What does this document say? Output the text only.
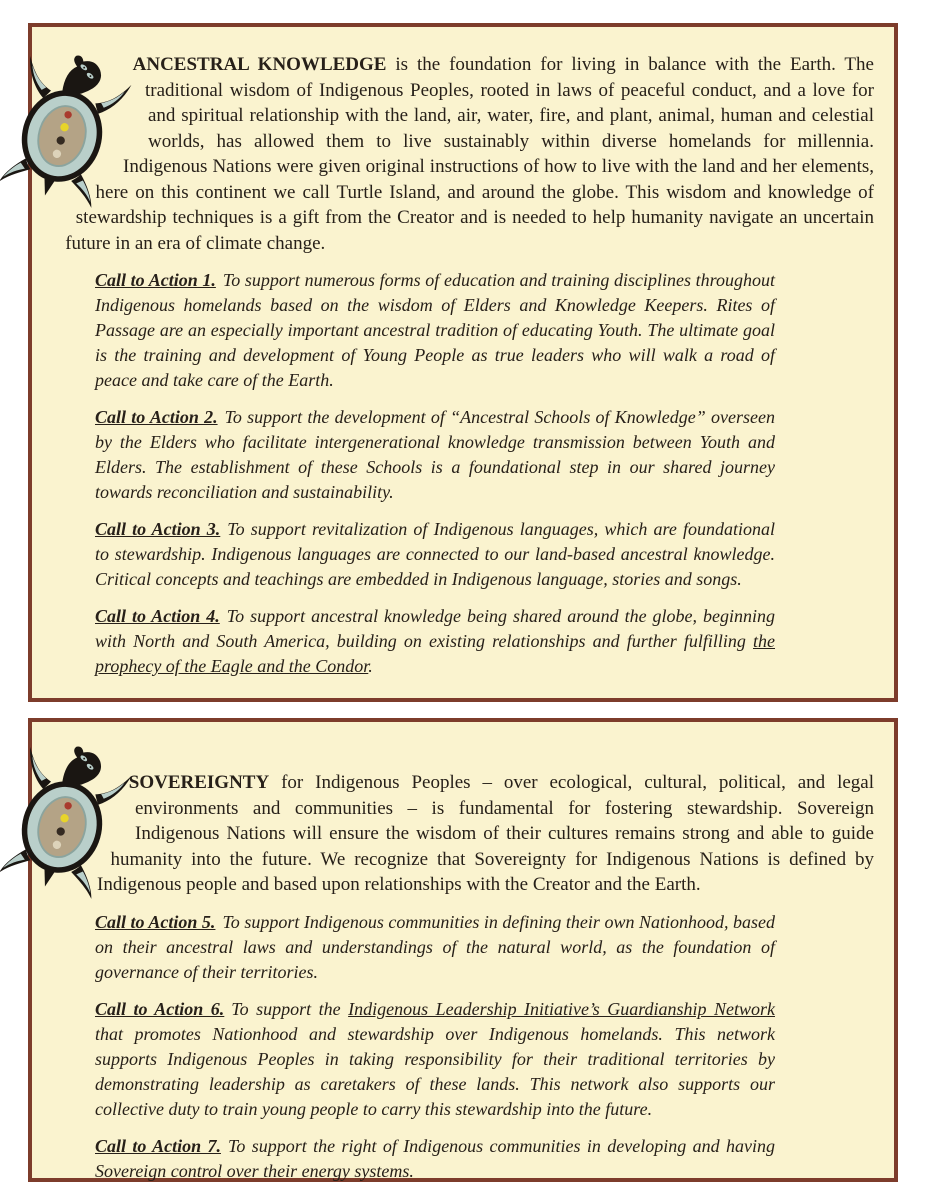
ANCESTRAL KNOWLEDGE is the foundation for living in balance with the Earth. The traditional wisdom of Indigenous Peoples, rooted in laws of peaceful conduct, and a love for and spiritual relationship with the land, air, water, fire, and plant, animal, human and celestial worlds, has allowed them to live sustainably within diverse homelands for millennia. Indigenous Nations were given original instructions of how to live with the land and her elements, here on this continent we call Turtle Island, and around the globe. This wisdom and knowledge of stewardship techniques is a gift from the Creator and is needed to help humanity navigate an uncertain future in an era of climate change.

Call to Action 1. To support numerous forms of education and training disciplines throughout Indigenous homelands based on the wisdom of Elders and Knowledge Keepers. Rites of Passage are an especially important ancestral tradition of educating Youth. The ultimate goal is the training and development of Young People as true leaders who will walk a road of peace and take care of the Earth.

Call to Action 2. To support the development of “Ancestral Schools of Knowledge” overseen by the Elders who facilitate intergenerational knowledge transmission between Youth and Elders. The establishment of these Schools is a foundational step in our shared journey towards reconciliation and sustainability.

Call to Action 3. To support revitalization of Indigenous languages, which are foundational to stewardship. Indigenous languages are connected to our land-based ancestral knowledge. Critical concepts and teachings are embedded in Indigenous language, stories and songs.

Call to Action 4. To support ancestral knowledge being shared around the globe, beginning with North and South America, building on existing relationships and further fulfilling the prophecy of the Eagle and the Condor.

SOVEREIGNTY for Indigenous Peoples – over ecological, cultural, political, and legal environments and communities – is fundamental for fostering stewardship. Sovereign Indigenous Nations will ensure the wisdom of their cultures remains strong and able to guide humanity into the future. We recognize that Sovereignty for Indigenous Nations is defined by Indigenous people and based upon relationships with the Creator and the Earth.

Call to Action 5. To support Indigenous communities in defining their own Nationhood, based on their ancestral laws and understandings of the natural world, as the foundation of governance of their territories.

Call to Action 6. To support the Indigenous Leadership Initiative’s Guardianship Network that promotes Nationhood and stewardship over Indigenous homelands. This network supports Indigenous Peoples in taking responsibility for their traditional territories by demonstrating leadership as caretakers of these lands. This network also supports our collective duty to train young people to carry this stewardship into the future.

Call to Action 7. To support the right of Indigenous communities in developing and having Sovereign control over their energy systems.
